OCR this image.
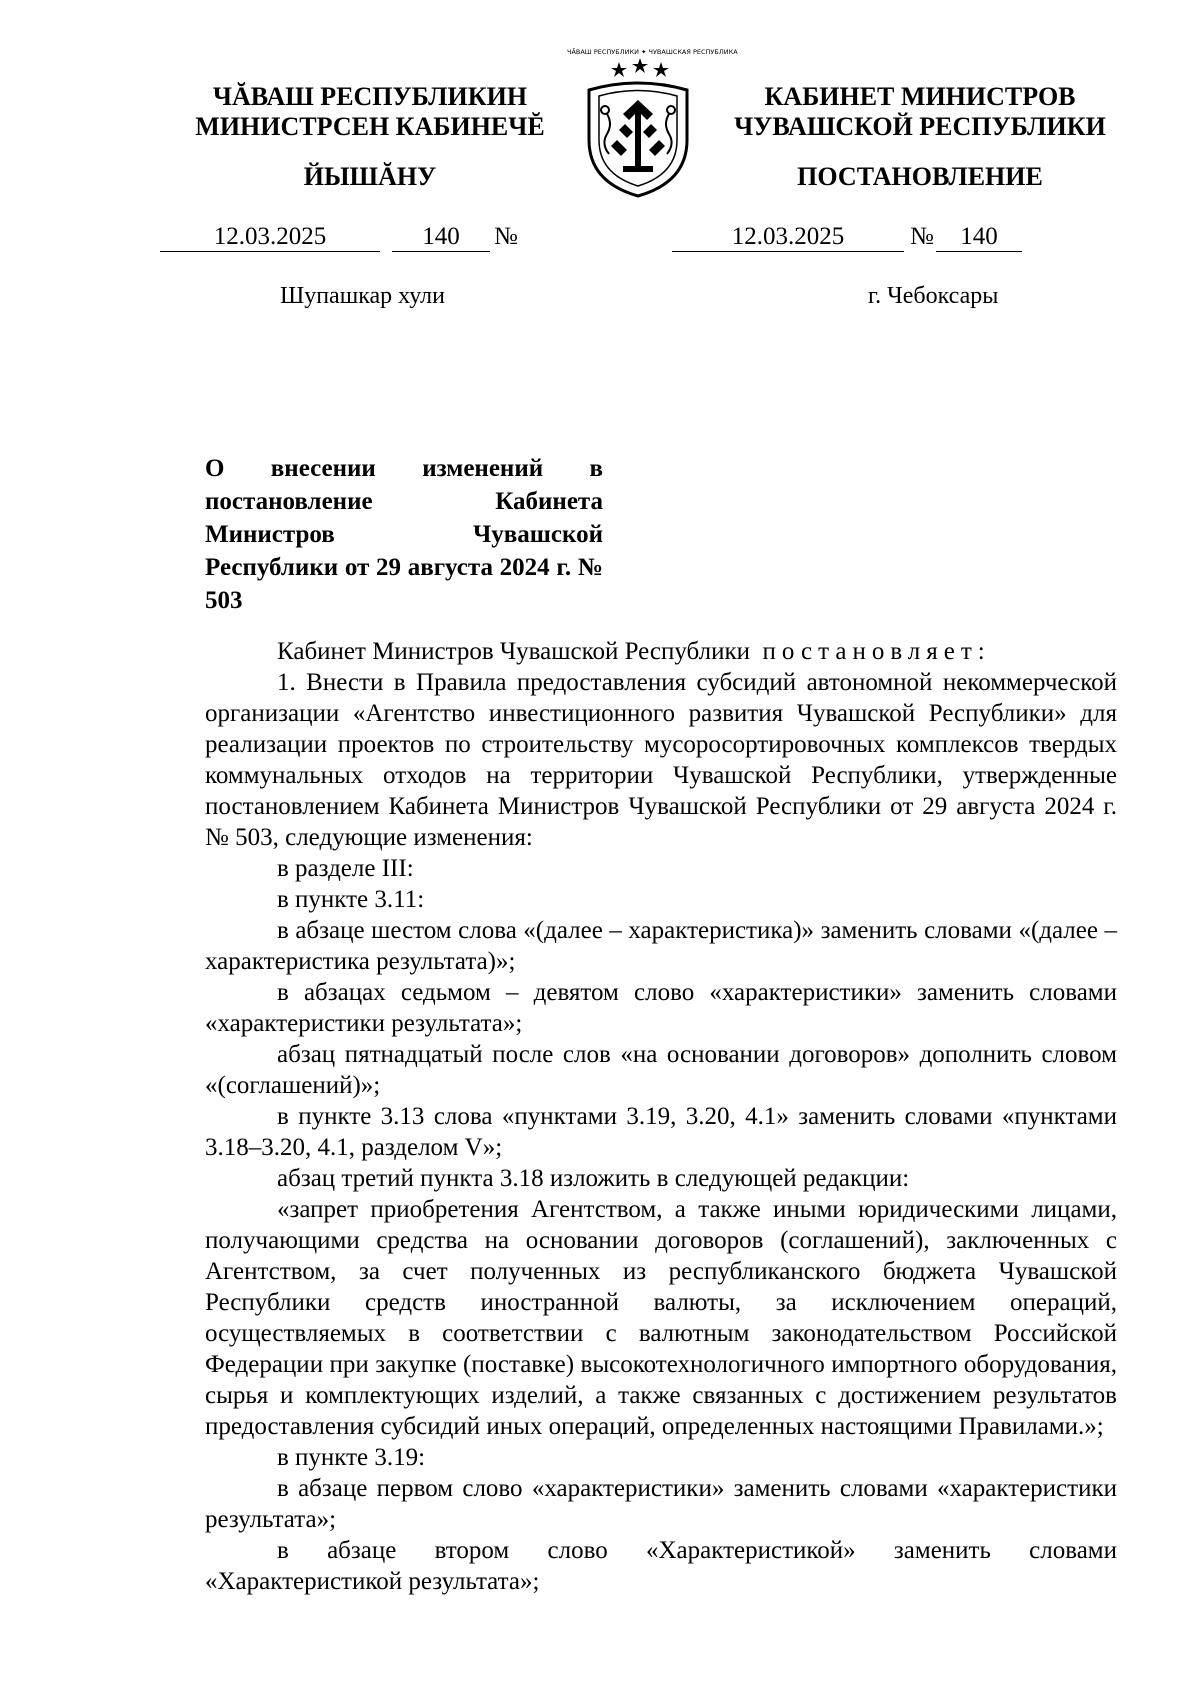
ЧĂВАШ РЕСПУБЛИКИН МИНИСТРСЕН КАБИНЕЧĔ
ЙЫШĂНУ
КАБИНЕТ МИНИСТРОВ ЧУВАШСКОЙ РЕСПУБЛИКИ
ПОСТАНОВЛЕНИЕ
ЧĂВАШ РЕСПУБЛИКИ ✦ ЧУВАШСКАЯ РЕСПУБЛИКА
12.03.2025	140	№	12.03.2025	№	140
Шупашкар хули	г. Чебоксары
О внесении изменений в постановление Кабинета Министров Чувашской Республики от 29 августа 2024 г. № 503

Кабинет Министров Чувашской Республики постановляет:

1. Внести в Правила предоставления субсидий автономной некоммерческой организации «Агентство инвестиционного развития Чувашской Республики» для реализации проектов по строительству мусоросортировочных комплексов твердых коммунальных отходов на территории Чувашской Республики, утвержденные постановлением Кабинета Министров Чувашской Республики от 29 августа 2024 г. № 503, следующие изменения:

в разделе III:

в пункте 3.11:

в абзаце шестом слова «(далее – характеристика)» заменить словами «(далее – характеристика результата)»;

в абзацах седьмом – девятом слово «характеристики» заменить словами «характеристики результата»;

абзац пятнадцатый после слов «на основании договоров» дополнить словом «(соглашений)»;

в пункте 3.13 слова «пунктами 3.19, 3.20, 4.1» заменить словами «пунктами 3.18–3.20, 4.1, разделом V»;

абзац третий пункта 3.18 изложить в следующей редакции:

«запрет приобретения Агентством, а также иными юридическими лицами, получающими средства на основании договоров (соглашений), заключенных с Агентством, за счет полученных из республиканского бюджета Чувашской Республики средств иностранной валюты, за исключением операций, осуществляемых в соответствии с валютным законодательством Российской Федерации при закупке (поставке) высокотехнологичного импортного оборудования, сырья и комплектующих изделий, а также связанных с достижением результатов предоставления субсидий иных операций, определенных настоящими Правилами.»;

в пункте 3.19:

в абзаце первом слово «характеристики» заменить словами «характеристики результата»;

в абзаце втором слово «Характеристикой» заменить словами «Характеристикой результата»;
